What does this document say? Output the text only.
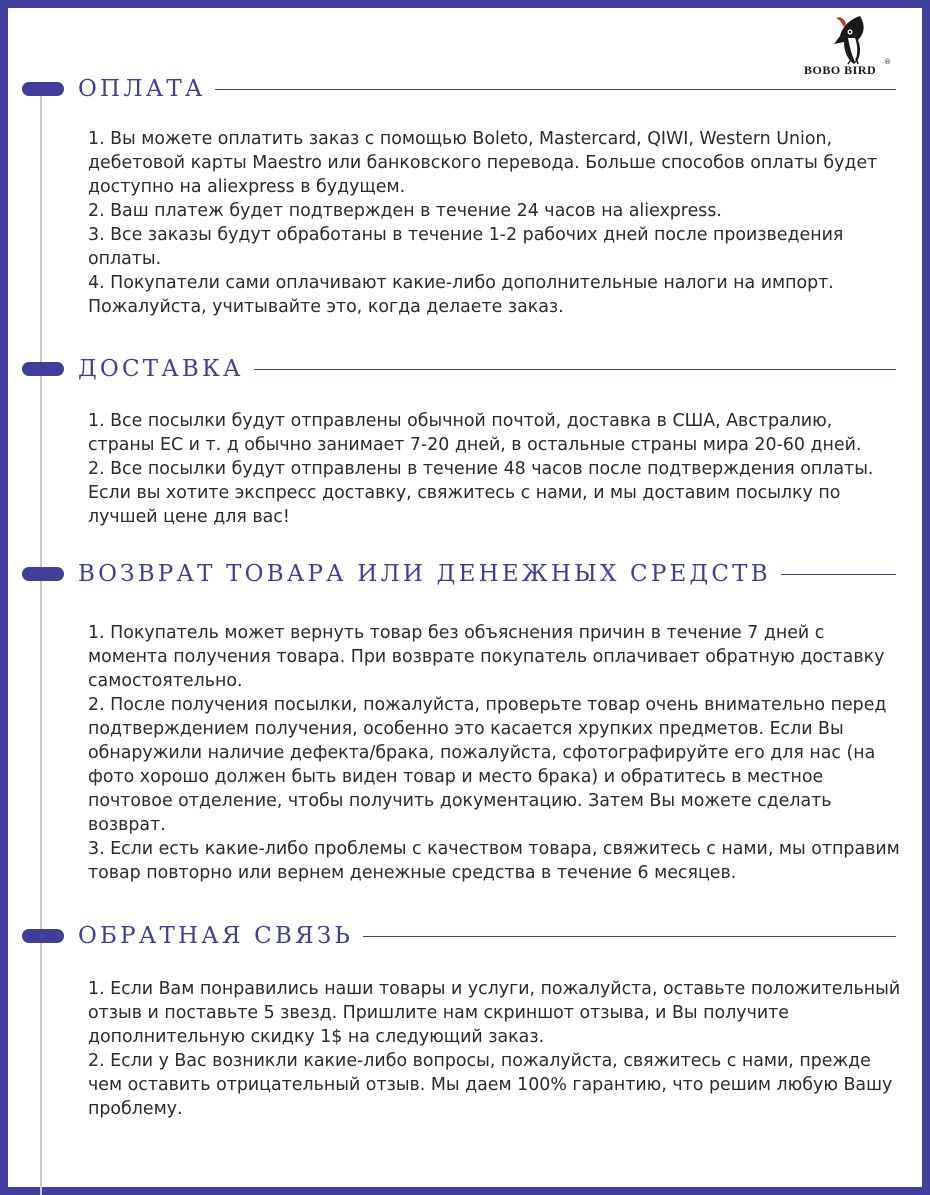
BOBO BIRD
®
ОПЛАТА

1. Вы можете оплатить заказ с помощью Boleto, Mastercard, QIWI, Western Union, дебетовой карты Maestro или банковского перевода. Больше способов оплаты будет доступно на aliexpress в будущем.

2. Ваш платеж будет подтвержден в течение 24 часов на aliexpress.

3. Все заказы будут обработаны в течение 1-2 рабочих дней после произведения оплаты.

4. Покупатели сами оплачивают какие-либо дополнительные налоги на импорт. Пожалуйста, учитывайте это, когда делаете заказ.

ДОСТАВКА

1. Все посылки будут отправлены обычной почтой, доставка в США, Австралию, страны ЕС и т. д обычно занимает 7-20 дней, в остальные страны мира 20-60 дней.

2. Все посылки будут отправлены в течение 48 часов после подтверждения оплаты. Если вы хотите экспресс доставку, свяжитесь с нами, и мы доставим посылку по лучшей цене для вас!

ВОЗВРАТ ТОВАРА ИЛИ ДЕНЕЖНЫХ СРЕДСТВ

1. Покупатель может вернуть товар без объяснения причин в течение 7 дней с момента получения товара. При возврате покупатель оплачивает обратную доставку самостоятельно.

2. После получения посылки, пожалуйста, проверьте товар очень внимательно перед подтверждением получения, особенно это касается хрупких предметов. Если Вы обнаружили наличие дефекта/брака, пожалуйста, сфотографируйте его для нас (на фото хорошо должен быть виден товар и место брака) и обратитесь в местное почтовое отделение, чтобы получить документацию. Затем Вы можете сделать возврат.

3. Если есть какие-либо проблемы с качеством товара, свяжитесь с нами, мы отправим товар повторно или вернем денежные средства в течение 6 месяцев.

ОБРАТНАЯ СВЯЗЬ

1. Если Вам понравились наши товары и услуги, пожалуйста, оставьте положительный отзыв и поставьте 5 звезд. Пришлите нам скриншот отзыва, и Вы получите дополнительную скидку 1$ на следующий заказ.

2. Если у Вас возникли какие-либо вопросы, пожалуйста, свяжитесь с нами, прежде чем оставить отрицательный отзыв. Мы даем 100% гарантию, что решим любую Вашу проблему.
